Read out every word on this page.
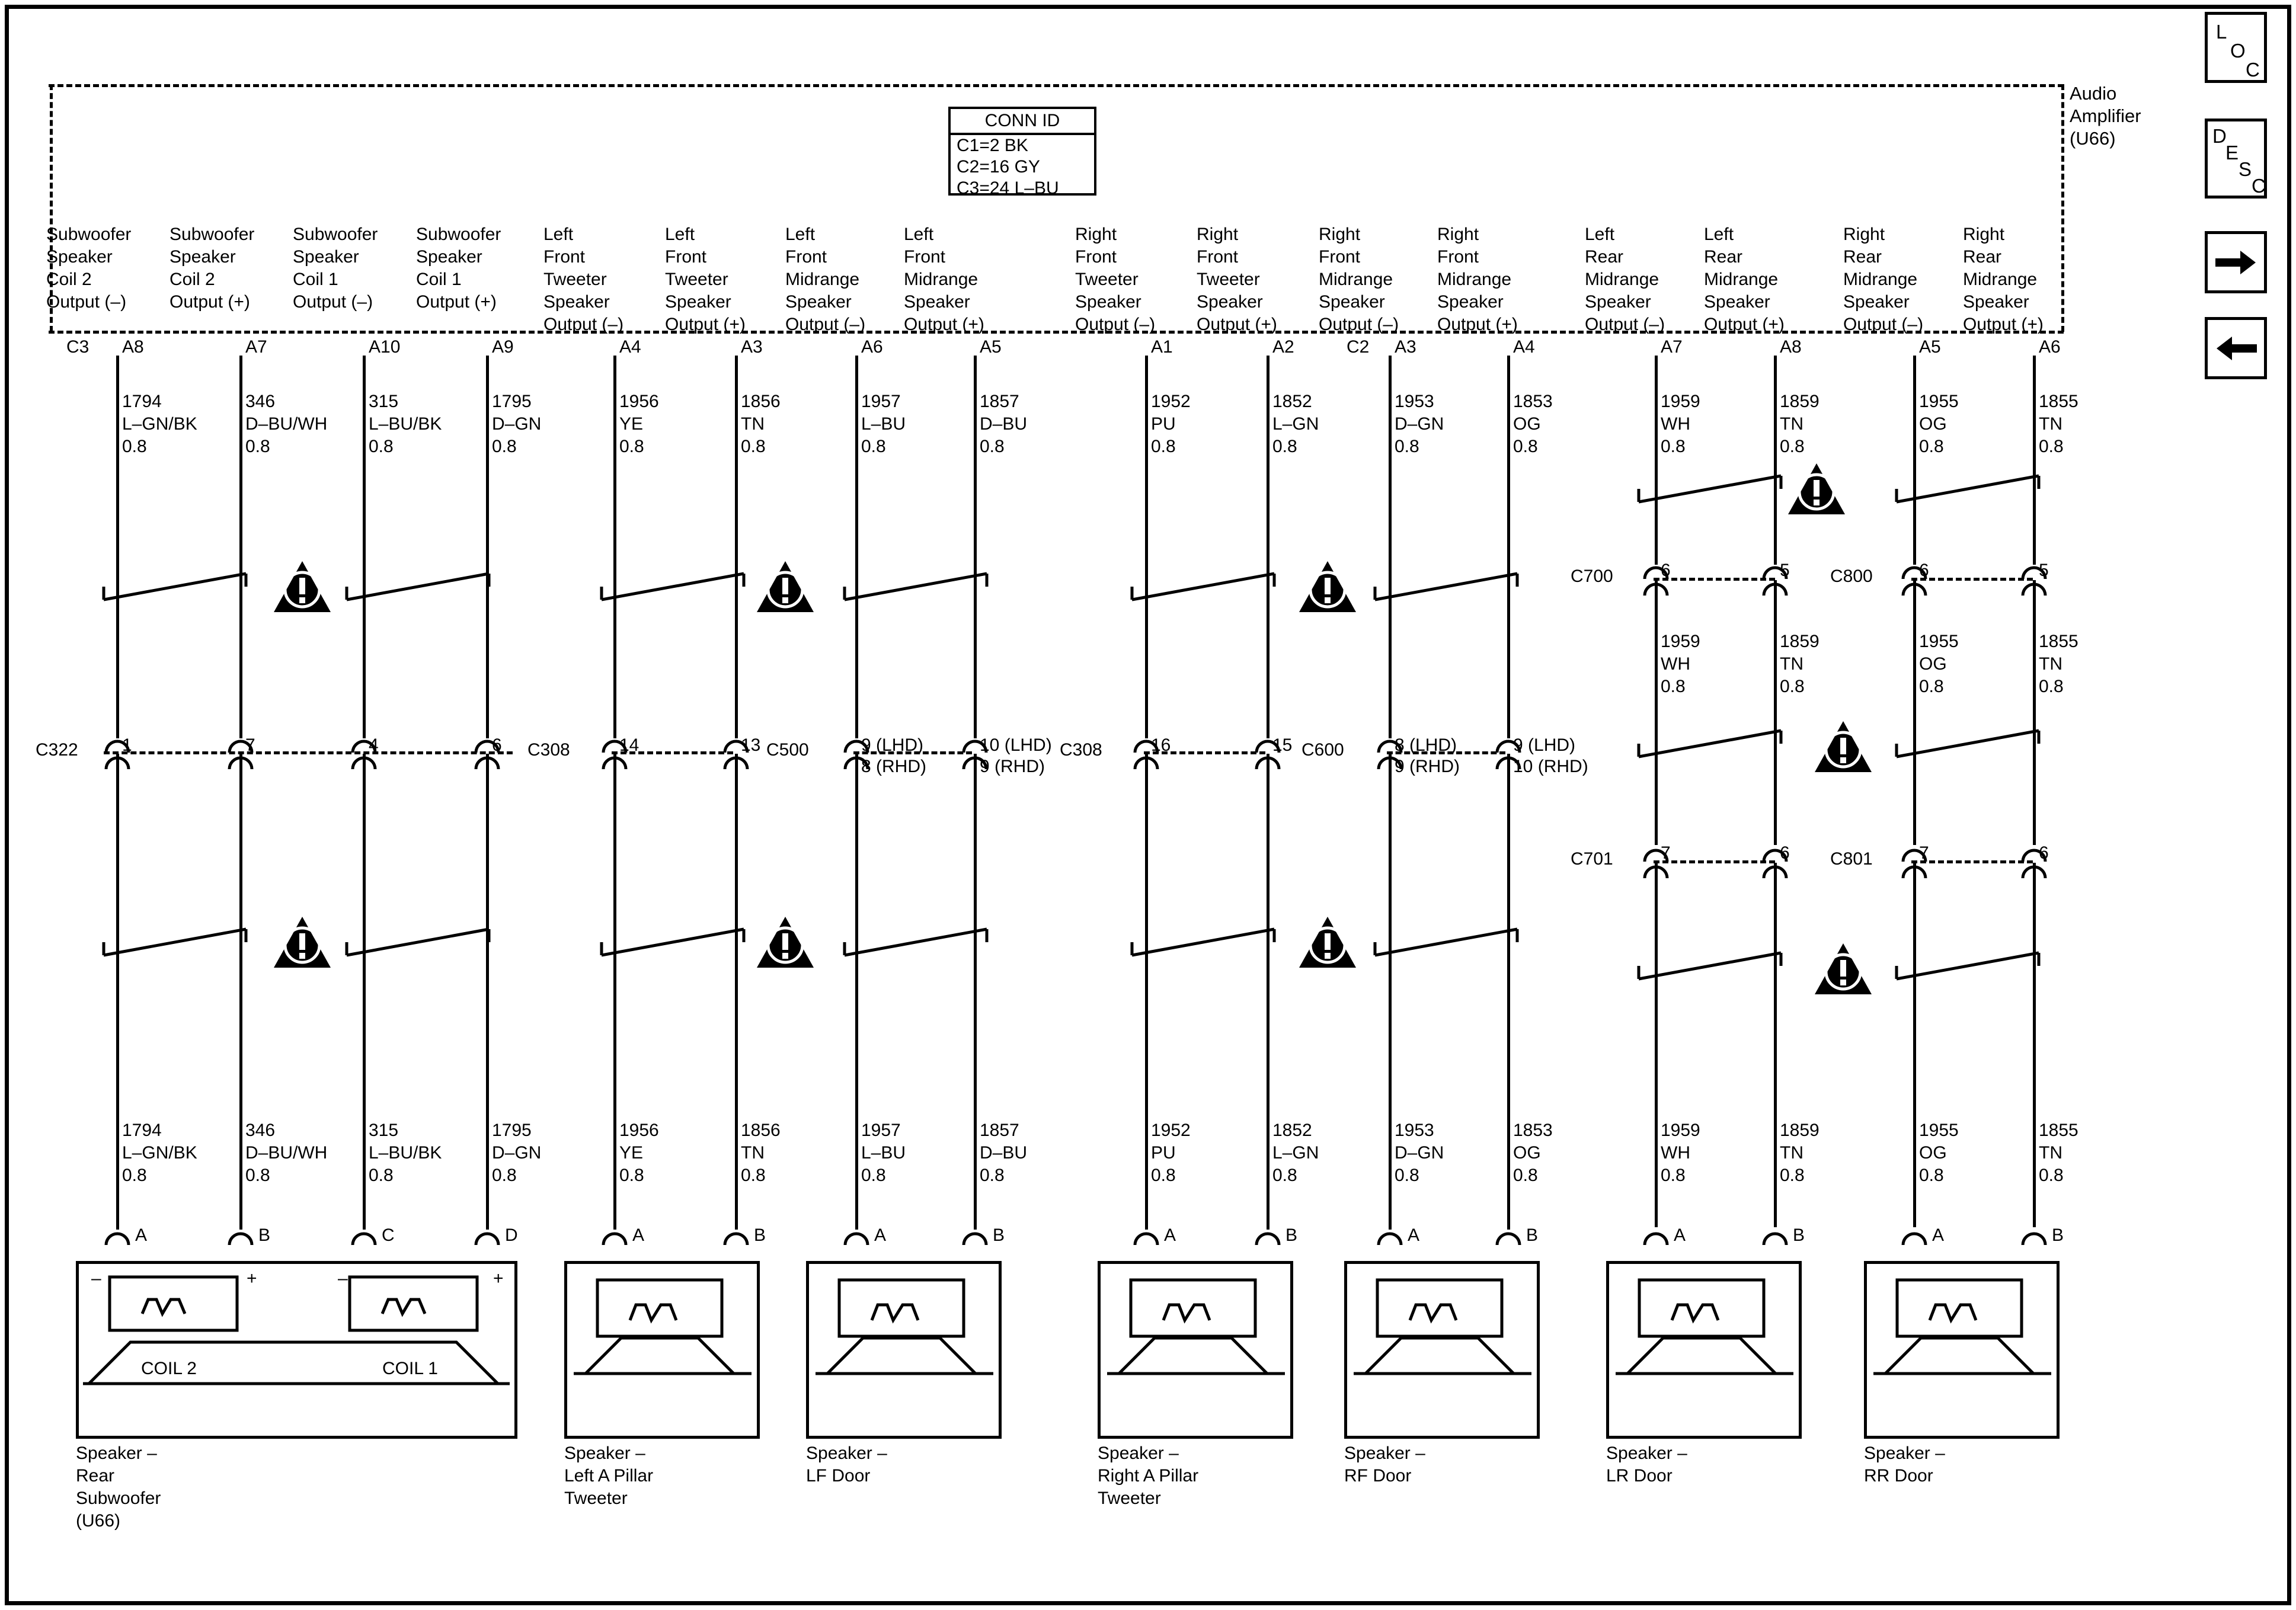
Audio
Amplifier
(U66)
CONN ID
C1=2 BK
C2=16 GY
C3=24 L–BU
L
O
C
D
E
S
C
C322	C308	C500	C308	C600
C700	C800
C701	C801
C3	C2
COIL 2	COIL 1
Speaker –
Rear
Subwoofer
(U66)
Speaker –
Left A Pillar
Tweeter
Speaker –
LF Door
Speaker –
Right A Pillar
Tweeter
Speaker –
RF Door
Speaker –
LR Door
Speaker –
RR Door
Subwoofer
Speaker
Coil 2
Output (–)
A8
1794
L–GN/BK
0.8
1794
L–GN/BK
0.8
1
A
–
Subwoofer
Speaker
Coil 2
Output (+)
A7
346
D–BU/WH
0.8
346
D–BU/WH
0.8
7
B
+
Subwoofer
Speaker
Coil 1
Output (–)
A10
315
L–BU/BK
0.8
315
L–BU/BK
0.8
4
C
–
Subwoofer
Speaker
Coil 1
Output (+)
A9
1795
D–GN
0.8
1795
D–GN
0.8
6
D
+
Left
Front
Tweeter
Speaker
Output (–)
A4
1956
YE
0.8
1956
YE
0.8
14
A
Left
Front
Tweeter
Speaker
Output (+)
A3
1856
TN
0.8
1856
TN
0.8
13
B
Left
Front
Midrange
Speaker
Output (–)
A6
1957
L–BU
0.8
1957
L–BU
0.8
9 (LHD)
8 (RHD)
A
Left
Front
Midrange
Speaker
Output (+)
A5
1857
D–BU
0.8
1857
D–BU
0.8
10 (LHD)
9 (RHD)
B
Right
Front
Tweeter
Speaker
Output (–)
A1
1952
PU
0.8
1952
PU
0.8
16
A
Right
Front
Tweeter
Speaker
Output (+)
A2
1852
L–GN
0.8
1852
L–GN
0.8
15
B
Right
Front
Midrange
Speaker
Output (–)
A3
1953
D–GN
0.8
1953
D–GN
0.8
8 (LHD)
9 (RHD)
A
Right
Front
Midrange
Speaker
Output (+)
A4
1853
OG
0.8
1853
OG
0.8
9 (LHD)
10 (RHD)
B
Left
Rear
Midrange
Speaker
Output (–)
A7
1959
WH
0.8
1959
WH
0.8
6
7
1959
WH
0.8
A
Left
Rear
Midrange
Speaker
Output (+)
A8
1859
TN
0.8
1859
TN
0.8
5
6
1859
TN
0.8
B
Right
Rear
Midrange
Speaker
Output (–)
A5
1955
OG
0.8
1955
OG
0.8
6
7
1955
OG
0.8
A
Right
Rear
Midrange
Speaker
Output (+)
A6
1855
TN
0.8
1855
TN
0.8
5
6
1855
TN
0.8
B
